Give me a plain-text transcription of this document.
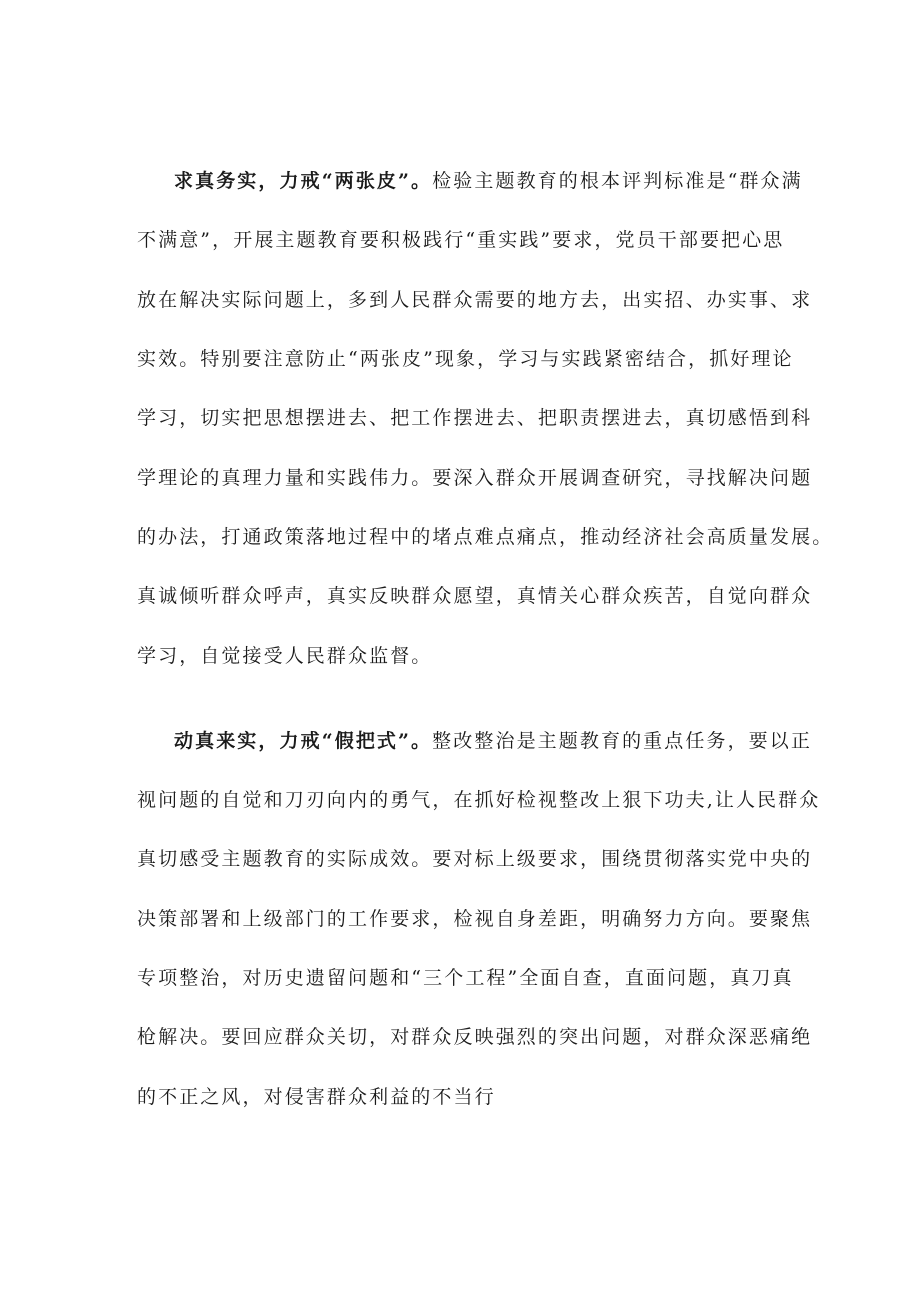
求真务实，力戒“两张皮”。检验主题教育的根本评判标准是“群众满
不满意”，开展主题教育要积极践行“重实践”要求，党员干部要把心思
放在解决实际问题上，多到人民群众需要的地方去，出实招、办实事、求
实效。特别要注意防止“两张皮”现象，学习与实践紧密结合，抓好理论
学习，切实把思想摆进去、把工作摆进去、把职责摆进去，真切感悟到科
学理论的真理力量和实践伟力。要深入群众开展调查研究，寻找解决问题
的办法，打通政策落地过程中的堵点难点痛点，推动经济社会高质量发展。
真诚倾听群众呼声，真实反映群众愿望，真情关心群众疾苦，自觉向群众
学习，自觉接受人民群众监督。
动真来实，力戒“假把式”。整改整治是主题教育的重点任务，要以正
视问题的自觉和刀刃向内的勇气，在抓好检视整改上狠下功夫,让人民群众
真切感受主题教育的实际成效。要对标上级要求，围绕贯彻落实党中央的
决策部署和上级部门的工作要求，检视自身差距，明确努力方向。要聚焦
专项整治，对历史遗留问题和“三个工程”全面自查，直面问题，真刀真
枪解决。要回应群众关切，对群众反映强烈的突出问题，对群众深恶痛绝
的不正之风，对侵害群众利益的不当行
